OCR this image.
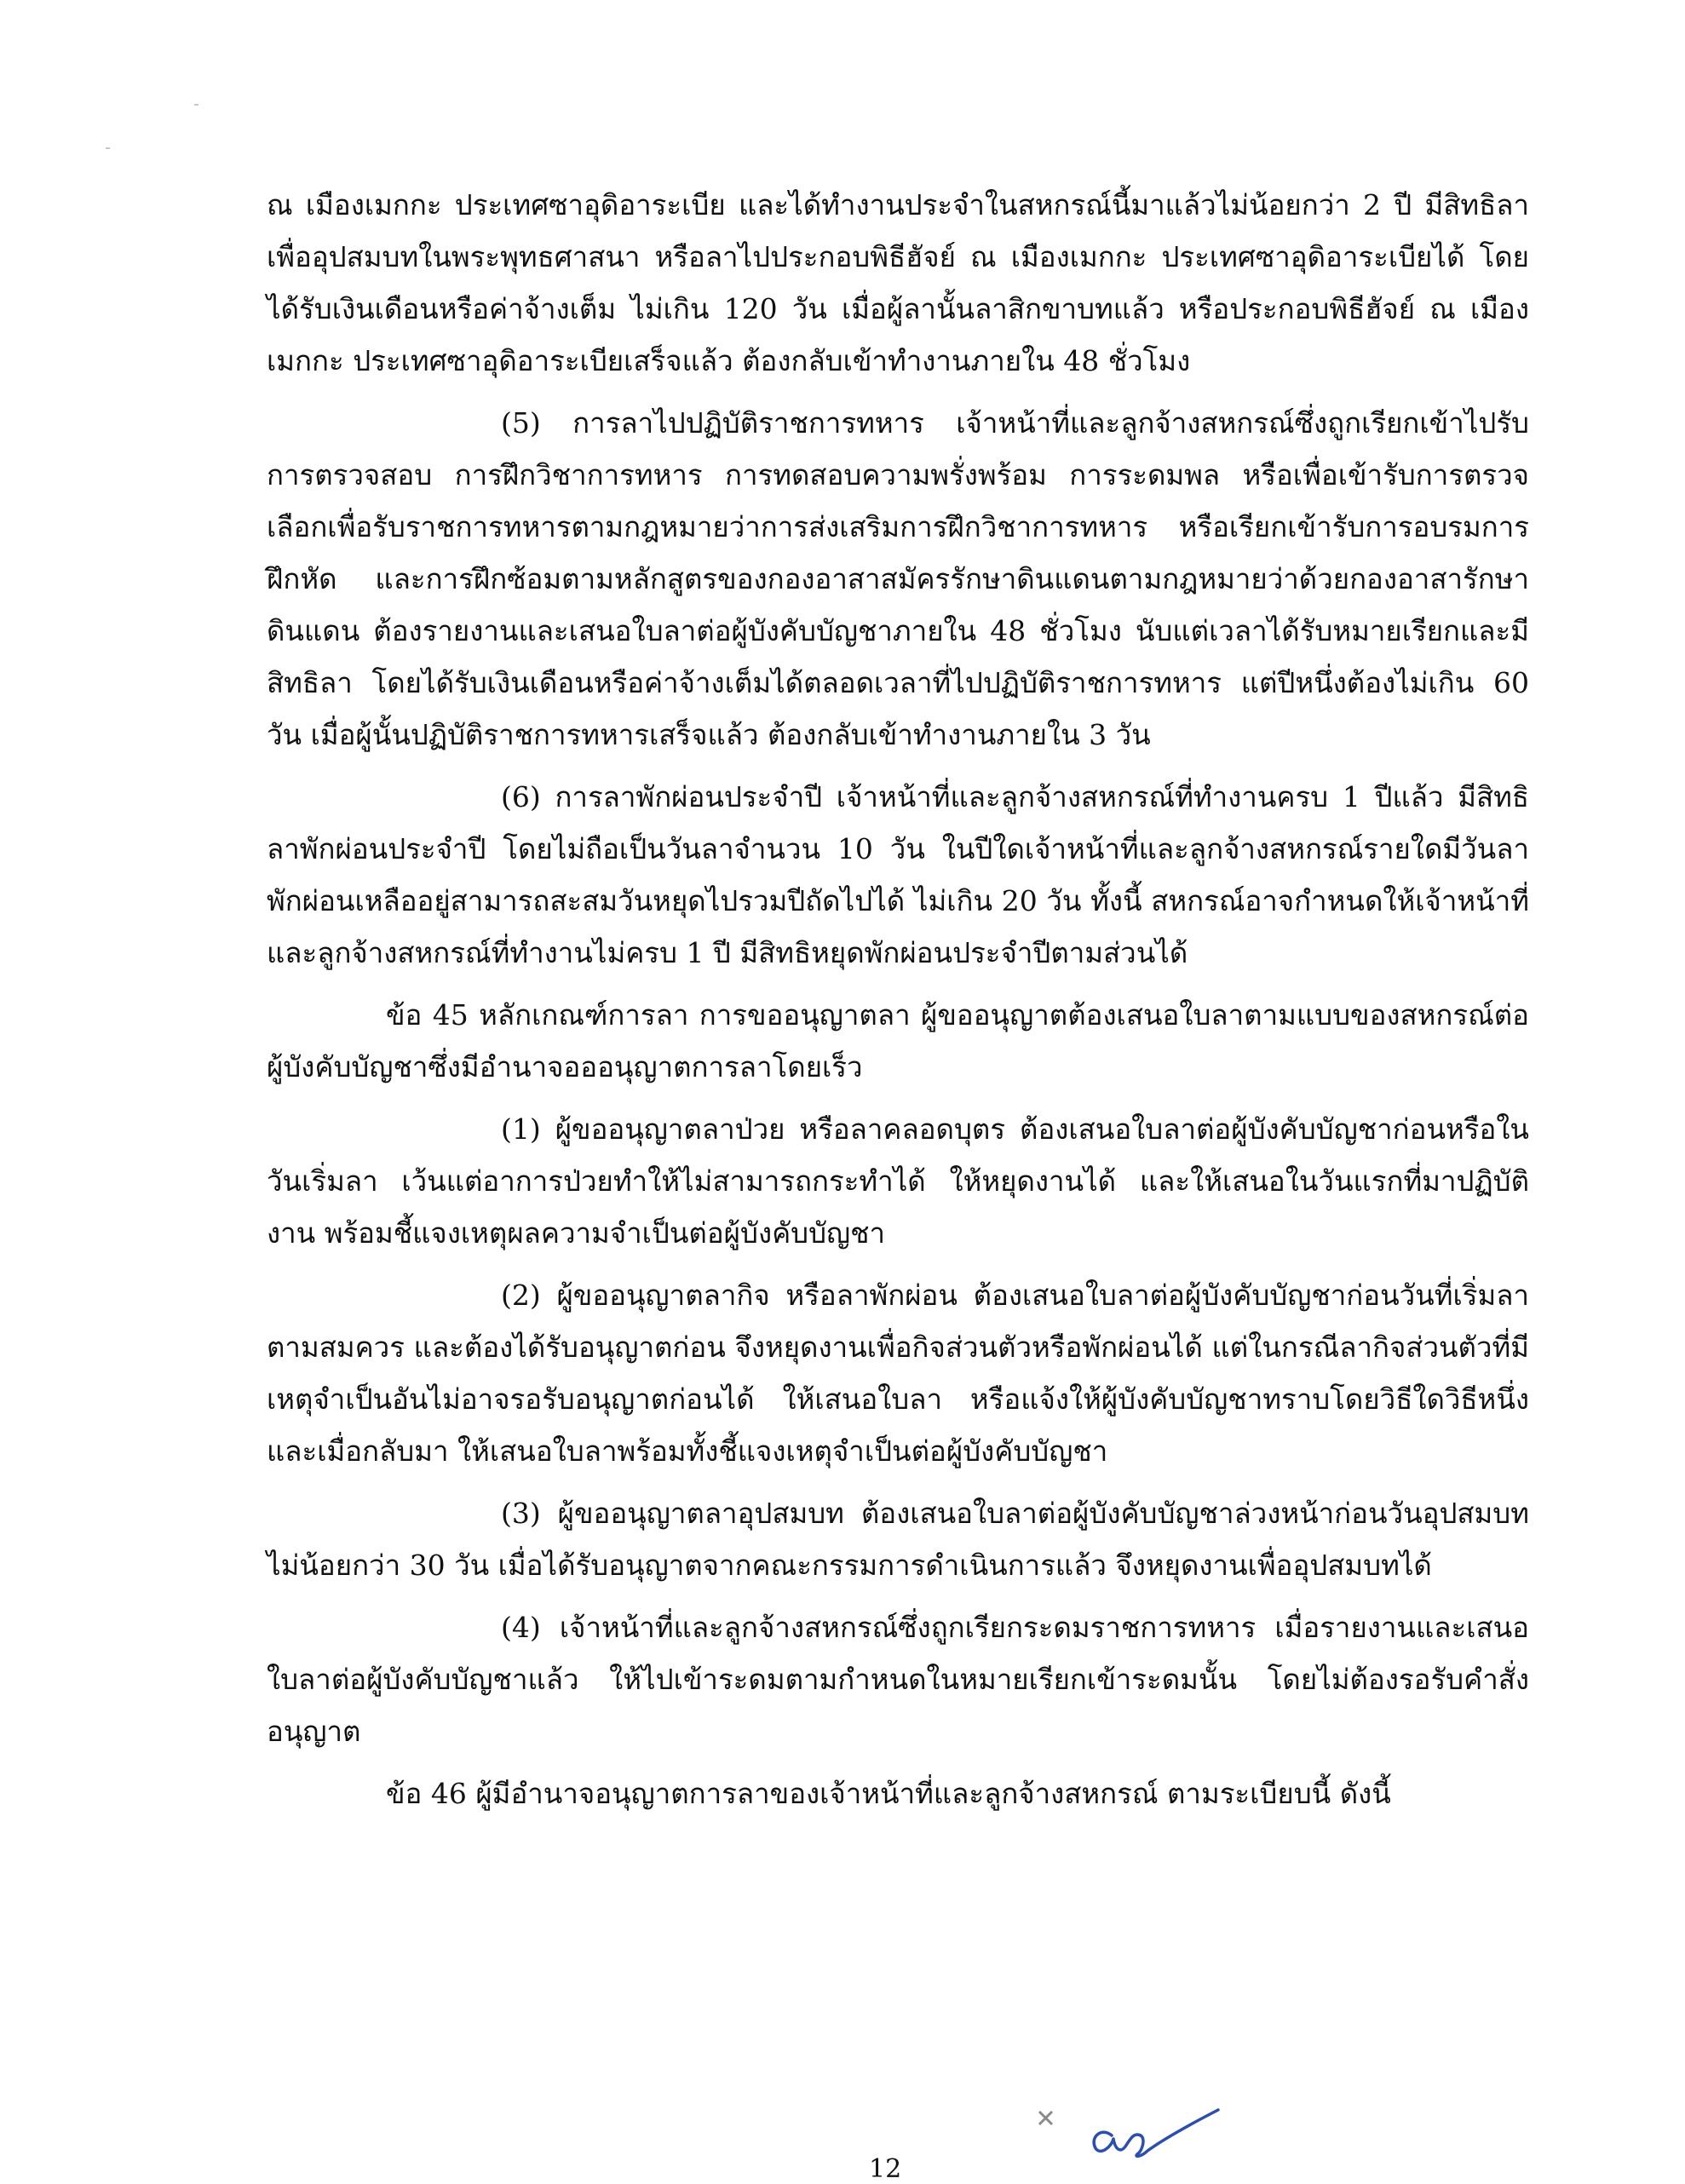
ณ เมืองเมกกะ ประเทศซาอุดิอาระเบีย และได้ทำงานประจำในสหกรณ์นี้มาแล้วไม่น้อยกว่า 2 ปี มีสิทธิลาเพื่ออุปสมบทในพระพุทธศาสนา หรือลาไปประกอบพิธีฮัจย์ ณ เมืองเมกกะ ประเทศซาอุดิอาระเบียได้ โดยได้รับเงินเดือนหรือค่าจ้างเต็ม ไม่เกิน 120 วัน เมื่อผู้ลานั้นลาสิกขาบทแล้ว หรือประกอบพิธีฮัจย์ ณ เมืองเมกกะ ประเทศซาอุดิอาระเบียเสร็จแล้ว ต้องกลับเข้าทำงานภายใน 48 ชั่วโมง

(5) การลาไปปฏิบัติราชการทหาร เจ้าหน้าที่และลูกจ้างสหกรณ์ซึ่งถูกเรียกเข้าไปรับการตรวจสอบ การฝึกวิชาการทหาร การทดสอบความพรั่งพร้อม การระดมพล หรือเพื่อเข้ารับการตรวจเลือกเพื่อรับราชการทหารตามกฎหมายว่าการส่งเสริมการฝึกวิชาการทหาร หรือเรียกเข้ารับการอบรมการฝึกหัด และการฝึกซ้อมตามหลักสูตรของกองอาสาสมัครรักษาดินแดนตามกฎหมายว่าด้วยกองอาสารักษาดินแดน ต้องรายงานและเสนอใบลาต่อผู้บังคับบัญชาภายใน 48 ชั่วโมง นับแต่เวลาได้รับหมายเรียกและมีสิทธิลา โดยได้รับเงินเดือนหรือค่าจ้างเต็มได้ตลอดเวลาที่ไปปฏิบัติราชการทหาร แต่ปีหนึ่งต้องไม่เกิน 60 วัน เมื่อผู้นั้นปฏิบัติราชการทหารเสร็จแล้ว ต้องกลับเข้าทำงานภายใน 3 วัน

(6) การลาพักผ่อนประจำปี เจ้าหน้าที่และลูกจ้างสหกรณ์ที่ทำงานครบ 1 ปีแล้ว มีสิทธิลาพักผ่อนประจำปี โดยไม่ถือเป็นวันลาจำนวน 10 วัน ในปีใดเจ้าหน้าที่และลูกจ้างสหกรณ์รายใดมีวันลาพักผ่อนเหลืออยู่สามารถสะสมวันหยุดไปรวมปีถัดไปได้ ไม่เกิน 20 วัน ทั้งนี้ สหกรณ์อาจกำหนดให้เจ้าหน้าที่และลูกจ้างสหกรณ์ที่ทำงานไม่ครบ 1 ปี มีสิทธิหยุดพักผ่อนประจำปีตามส่วนได้

ข้อ 45 หลักเกณฑ์การลา การขออนุญาตลา ผู้ขออนุญาตต้องเสนอใบลาตามแบบของสหกรณ์ต่อผู้บังคับบัญชาซึ่งมีอำนาจอออนุญาตการลาโดยเร็ว

(1) ผู้ขออนุญาตลาป่วย หรือลาคลอดบุตร ต้องเสนอใบลาต่อผู้บังคับบัญชาก่อนหรือในวันเริ่มลา เว้นแต่อาการป่วยทำให้ไม่สามารถกระทำได้ ให้หยุดงานได้ และให้เสนอในวันแรกที่มาปฏิบัติงาน พร้อมชี้แจงเหตุผลความจำเป็นต่อผู้บังคับบัญชา

(2) ผู้ขออนุญาตลากิจ หรือลาพักผ่อน ต้องเสนอใบลาต่อผู้บังคับบัญชาก่อนวันที่เริ่มลาตามสมควร และต้องได้รับอนุญาตก่อน จึงหยุดงานเพื่อกิจส่วนตัวหรือพักผ่อนได้ แต่ในกรณีลากิจส่วนตัวที่มีเหตุจำเป็นอันไม่อาจรอรับอนุญาตก่อนได้ ให้เสนอใบลา หรือแจ้งให้ผู้บังคับบัญชาทราบโดยวิธีใดวิธีหนึ่ง และเมื่อกลับมา ให้เสนอใบลาพร้อมทั้งชี้แจงเหตุจำเป็นต่อผู้บังคับบัญชา

(3) ผู้ขออนุญาตลาอุปสมบท ต้องเสนอใบลาต่อผู้บังคับบัญชาล่วงหน้าก่อนวันอุปสมบทไม่น้อยกว่า 30 วัน เมื่อได้รับอนุญาตจากคณะกรรมการดำเนินการแล้ว จึงหยุดงานเพื่ออุปสมบทได้

(4) เจ้าหน้าที่และลูกจ้างสหกรณ์ซึ่งถูกเรียกระดมราชการทหาร เมื่อรายงานและเสนอใบลาต่อผู้บังคับบัญชาแล้ว ให้ไปเข้าระดมตามกำหนดในหมายเรียกเข้าระดมนั้น โดยไม่ต้องรอรับคำสั่งอนุญาต

ข้อ 46 ผู้มีอำนาจอนุญาตการลาของเจ้าหน้าที่และลูกจ้างสหกรณ์ ตามระเบียบนี้ ดังนี้

12
